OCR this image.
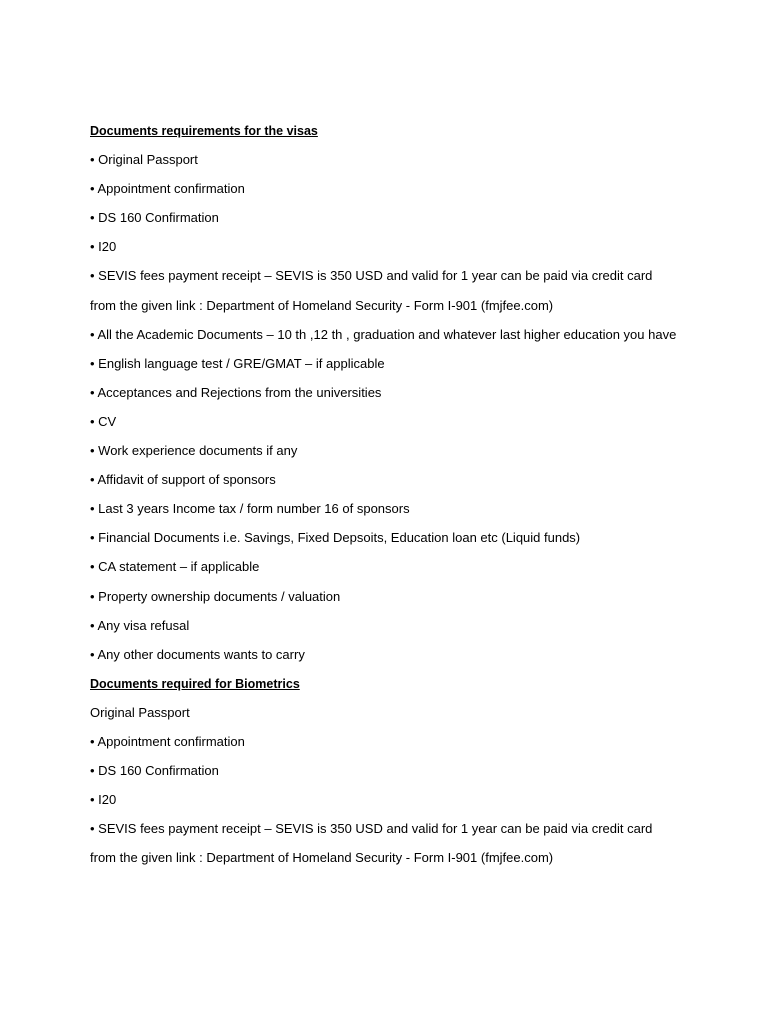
Documents requirements for the visas
• Original Passport
• Appointment confirmation
• DS 160 Confirmation
• I20
• SEVIS fees payment receipt – SEVIS is 350 USD and valid for 1 year can be paid via credit card
from the given link : Department of Homeland Security - Form I-901 (fmjfee.com)
• All the Academic Documents – 10 th ,12 th , graduation and whatever last higher education you have
• English language test / GRE/GMAT – if applicable
• Acceptances and Rejections from the universities
• CV
• Work experience documents if any
• Affidavit of support of sponsors
• Last 3 years Income tax / form number 16 of sponsors
• Financial Documents i.e. Savings, Fixed Depsoits, Education loan etc (Liquid funds)
• CA statement – if applicable
• Property ownership documents / valuation
• Any visa refusal
• Any other documents wants to carry
Documents required for Biometrics
Original Passport
• Appointment confirmation
• DS 160 Confirmation
• I20
• SEVIS fees payment receipt – SEVIS is 350 USD and valid for 1 year can be paid via credit card
from the given link : Department of Homeland Security - Form I-901 (fmjfee.com)
